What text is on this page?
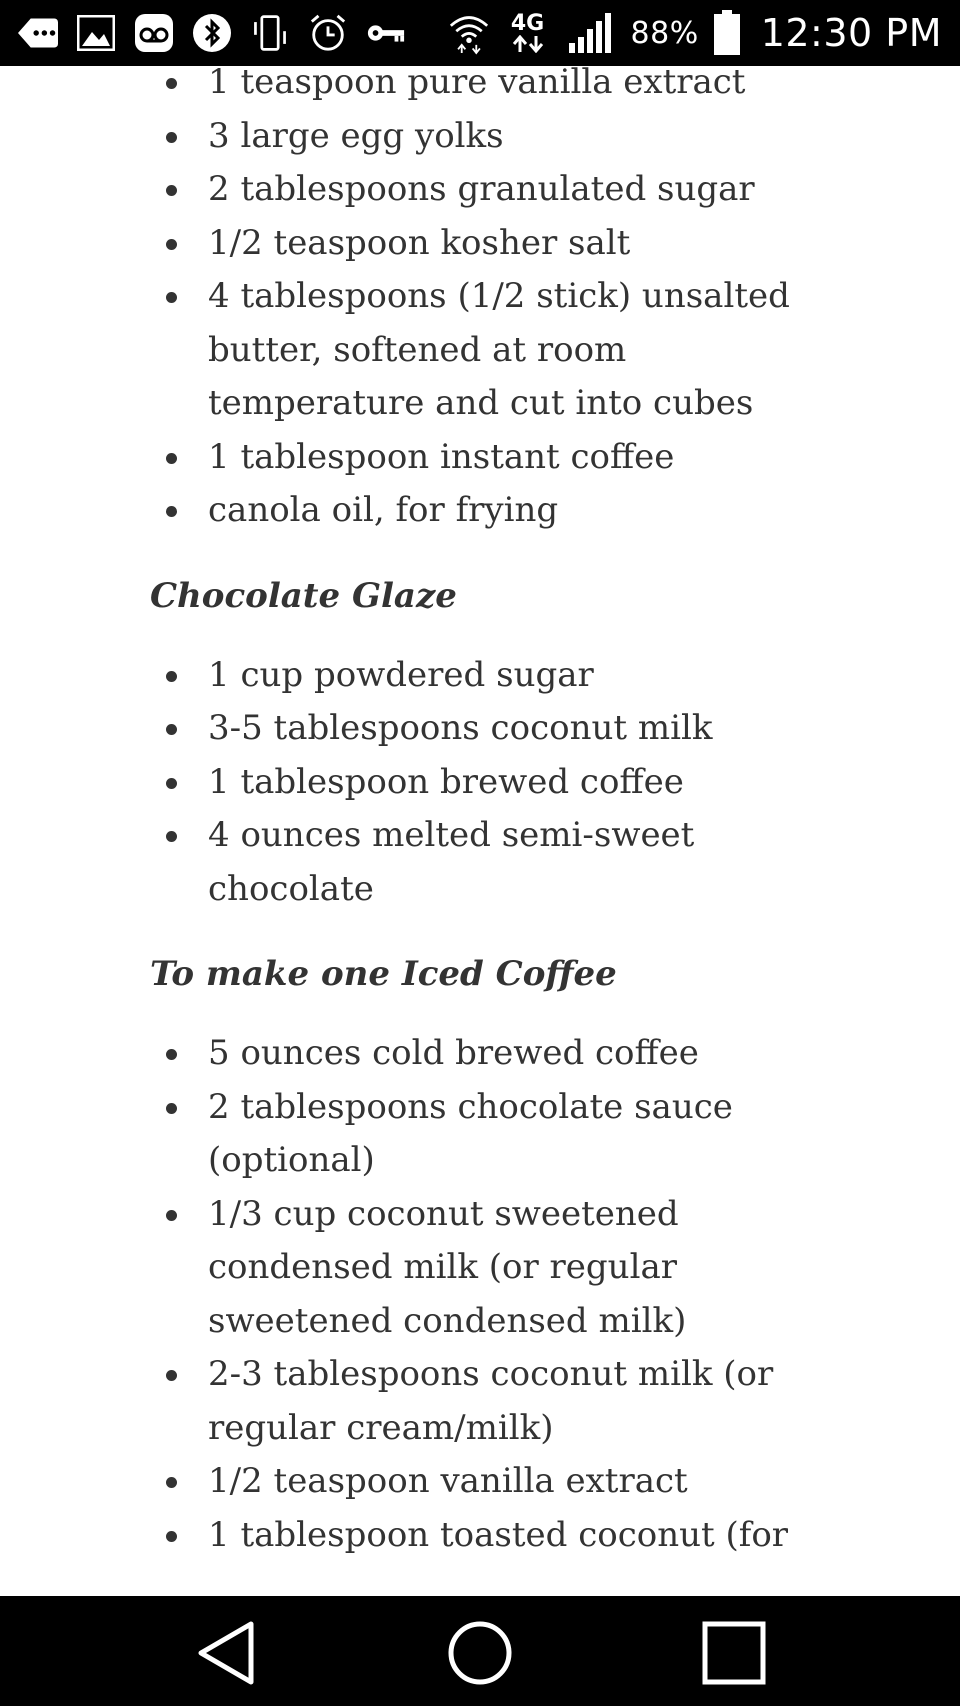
4G	88% 12:30 PM
1 teaspoon pure vanilla extract
3 large egg yolks
2 tablespoons granulated sugar
1/2 teaspoon kosher salt
4 tablespoons (1/2 stick) unsalted butter, softened at room temperature and cut into cubes
1 tablespoon instant coffee
canola oil, for frying
Chocolate Glaze
1 cup powdered sugar
3-5 tablespoons coconut milk
1 tablespoon brewed coffee
4 ounces melted semi-sweet chocolate
To make one Iced Coffee
5 ounces cold brewed coffee
2 tablespoons chocolate sauce (optional)
1/3 cup coconut sweetened condensed milk (or regular sweetened condensed milk)
2-3 tablespoons coconut milk (or regular cream/milk)
1/2 teaspoon vanilla extract
1 tablespoon toasted coconut (for
